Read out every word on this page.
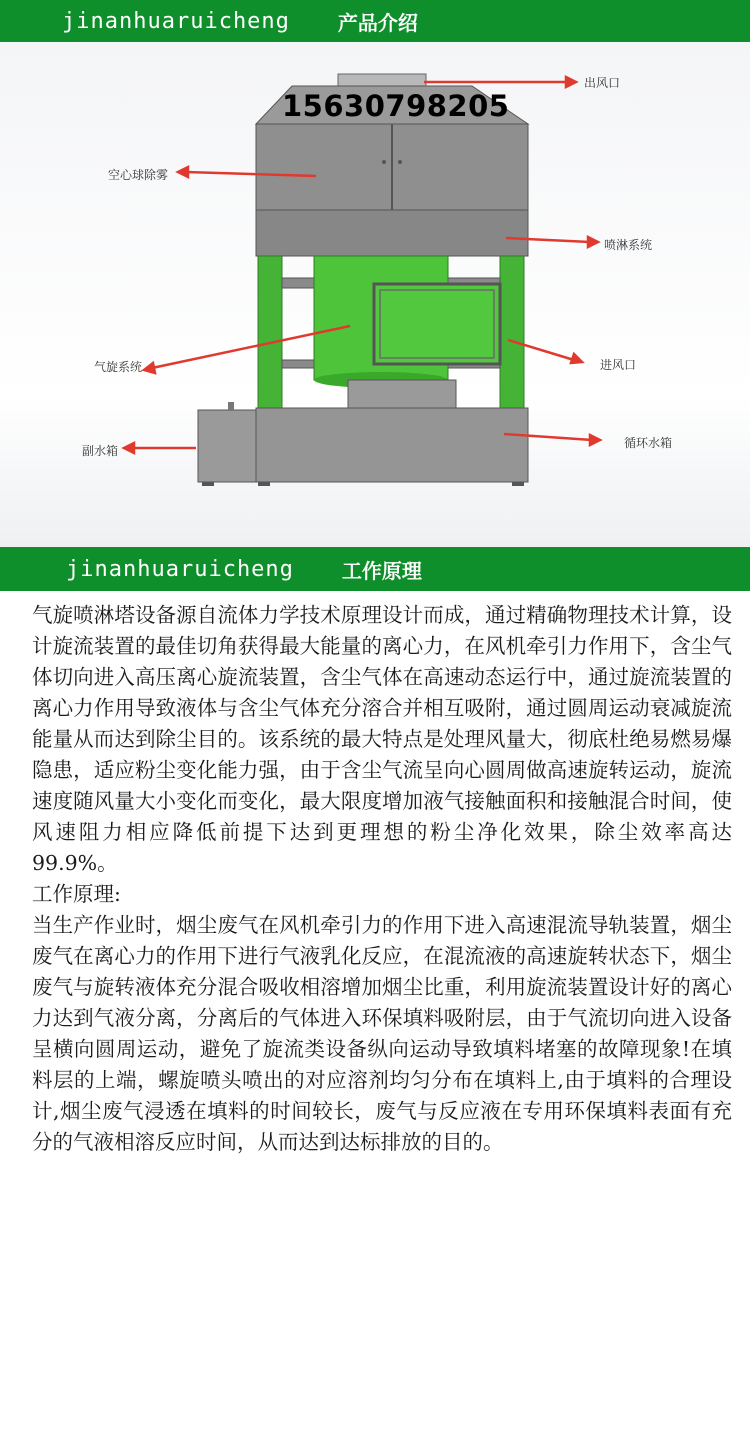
jinanhuaruicheng 产品介绍
15630798205
出风口
空心球除雾
喷淋系统
气旋系统	进风口
副水箱
循环水箱
jinanhuaruicheng 工作原理

气旋喷淋塔设备源自流体力学技术原理设计而成，通过精确物理技术计算，设计旋流装置的最佳切角获得最大能量的离心力，在风机牵引力作用下，含尘气体切向进入高压离心旋流装置，含尘气体在高速动态运行中，通过旋流装置的离心力作用导致液体与含尘气体充分溶合并相互吸附，通过圆周运动衰减旋流能量从而达到除尘目的。该系统的最大特点是处理风量大，彻底杜绝易燃易爆隐患，适应粉尘变化能力强，由于含尘气流呈向心圆周做高速旋转运动，旋流速度随风量大小变化而变化，最大限度增加液气接触面积和接触混合时间，使风速阻力相应降低前提下达到更理想的粉尘净化效果，除尘效率高达99.9%。

工作原理:

当生产作业时，烟尘废气在风机牵引力的作用下进入高速混流导轨装置，烟尘废气在离心力的作用下进行气液乳化反应，在混流液的高速旋转状态下，烟尘废气与旋转液体充分混合吸收相溶增加烟尘比重，利用旋流装置设计好的离心力达到气液分离，分离后的气体进入环保填料吸附层，由于气流切向进入设备呈横向圆周运动，避免了旋流类设备纵向运动导致填料堵塞的故障现象!在填料层的上端，螺旋喷头喷出的对应溶剂均匀分布在填料上,由于填料的合理设计,烟尘废气浸透在填料的时间较长，废气与反应液在专用环保填料表面有充分的气液相溶反应时间，从而达到达标排放的目的。
